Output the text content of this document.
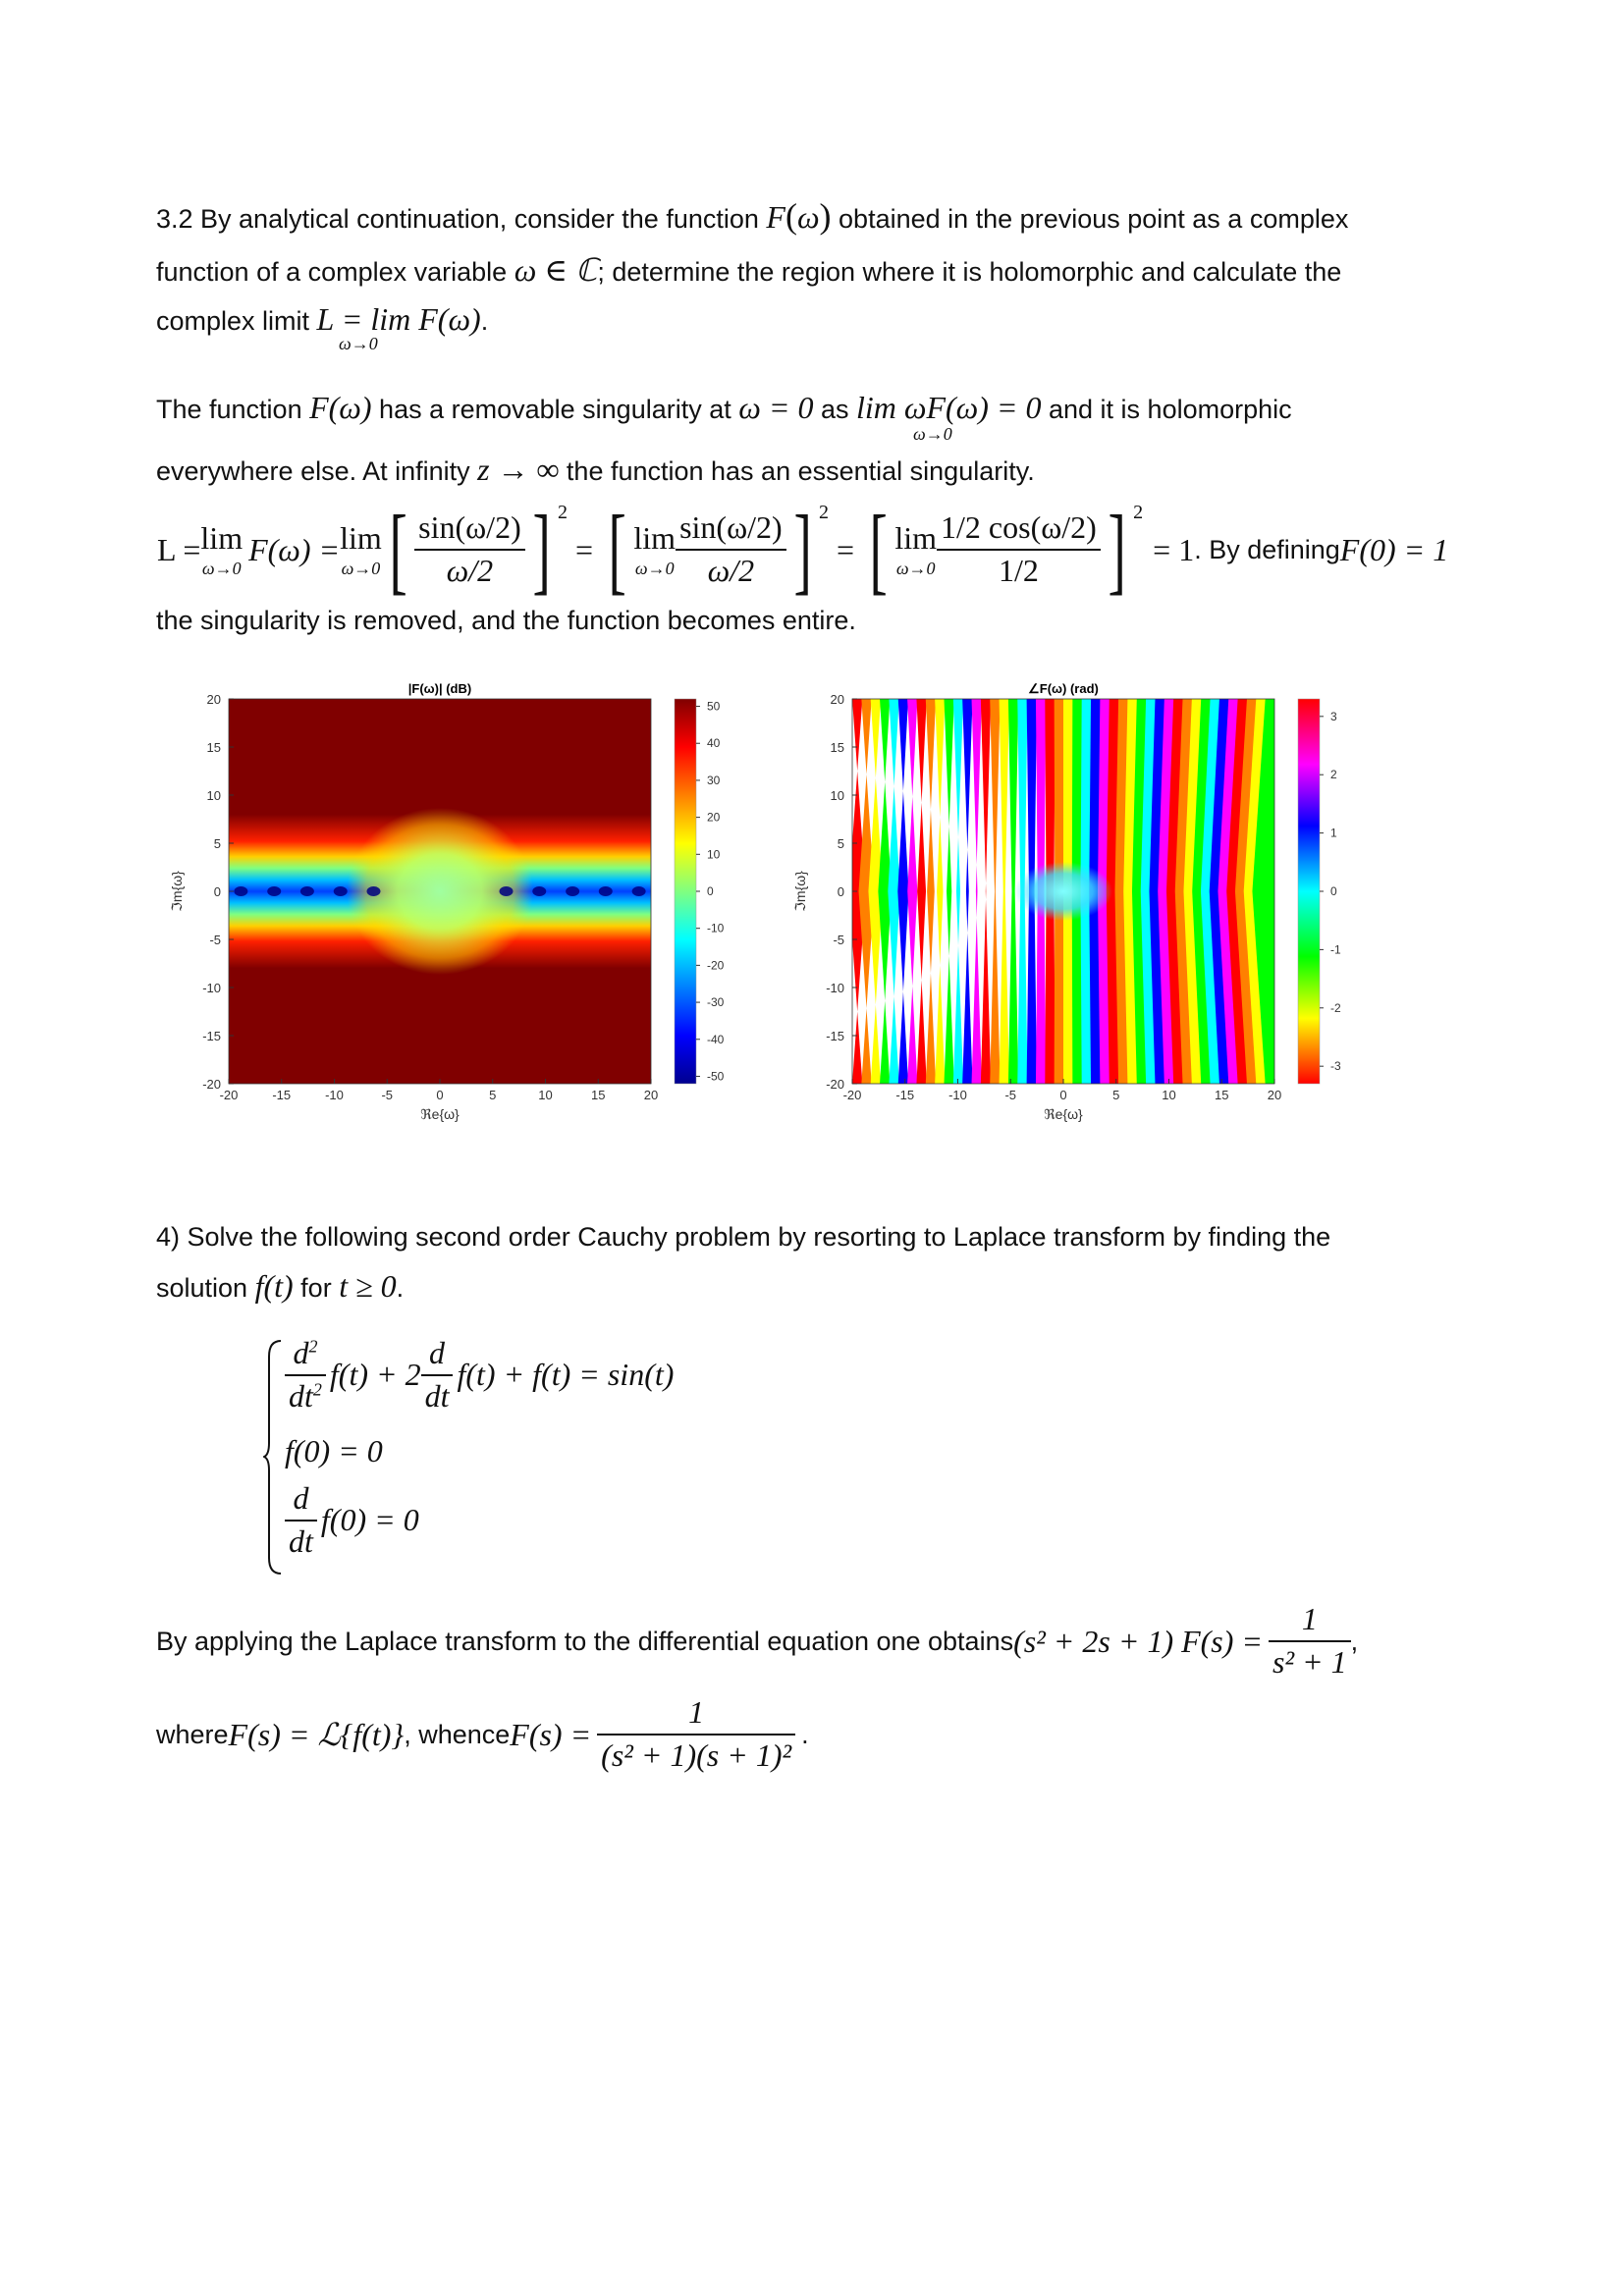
3.2 By analytical continuation, consider the function F(ω) obtained in the previous point as a complex
function of a complex variable ω ∈ ℂ; determine the region where it is holomorphic and calculate the
complex limit L = lim F(ω).
ω→0
The function F(ω) has a removable singularity at ω = 0 as lim ωF(ω) = 0 and it is holomorphic
ω→0
everywhere else. At infinity z → ∞ the function has an essential singularity.
L = lim
ω→0
F(ω) = lim
ω→0 [ $\frac{\sin(\omega/2)}{\omega/2}$ ] 2
= [ lim
$\omega\to 0 \frac{\sin(\omega/2)}{\omega/2}$ ] 2
= [ lim
$\omega\to 0 \frac{1/2 \cos(\omega/2)}{1/2}$ ] 2
= 1 . By defining F(0) = 1
the singularity is removed, and the function becomes entire.
|F(ω)| (dB)
-20	-15	-10	-5	0	5	10	15	20
20
15
10
5
0
-5
-10
-15
-20
ℜe{ω}
ℑm{ω}
50
40
30
20
10
0
-10
-20
-30
-40
-50
∠F(ω) (rad)
-20	-15	-10	-5	0	5	10	15	20
20
15
10
5
0
-5
-10
-15
-20
ℜe{ω}
ℑm{ω}
3
2
1
0
-1
-2
-3
4) Solve the following second order Cauchy problem by resorting to Laplace transform by finding the
solution f(t) for t ≥ 0.
$\frac{d^2}{dt^2} f(t) + 2 \frac{d}{dt} f(t) + f(t) = \sin(t)$
f(0) = 0
$\frac{d}{dt} f(0) = 0$
By applying the Laplace transform to the differential equation one obtains (s² + 2s + 1) $F(s) = \frac{1}{\text{s² + 1}}$ ,
where F(s) = ℒ{f(t)} , whence $F(s) = \frac{1}{\text{(s² + 1)(s + 1)²}}$ .
